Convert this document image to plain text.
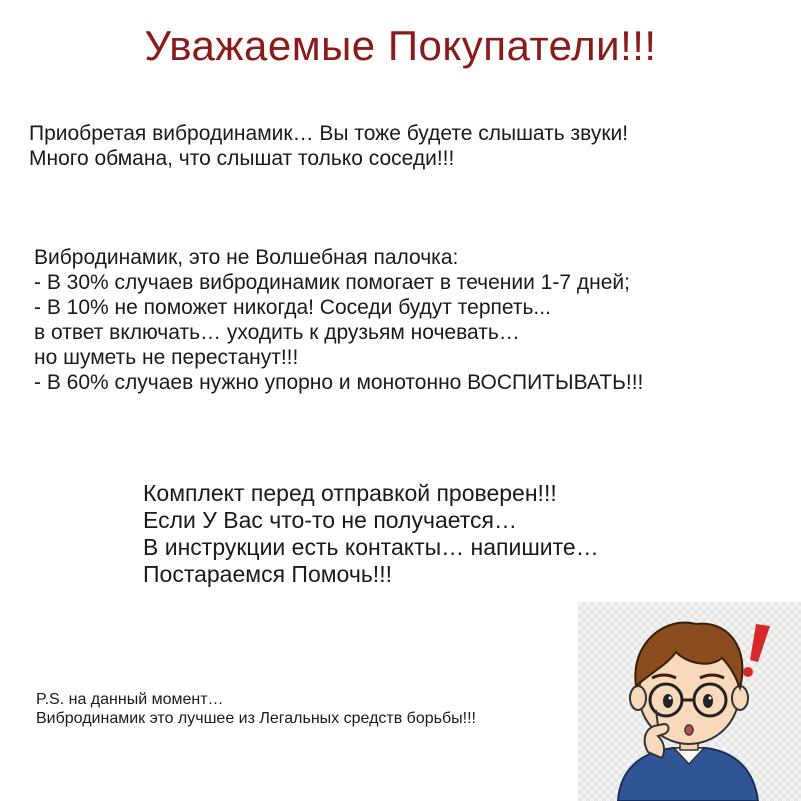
Уважаемые Покупатели!!!
Приобретая вибродинамик… Вы тоже будете слышать звуки!
Много обмана, что слышат только соседи!!!
Вибродинамик, это не Волшебная палочка:
- В 30% случаев вибродинамик помогает в течении 1-7 дней;
- В 10% не поможет никогда! Соседи будут терпеть...
в ответ включать… уходить к друзьям ночевать…
но шуметь не перестанут!!!
- В 60% случаев нужно упорно и монотонно ВОСПИТЫВАТЬ!!!
Комплект перед отправкой проверен!!!
Если У Вас что-то не получается…
В инструкции есть контакты… напишите…
Постараемся Помочь!!!
P.S. на данный момент…
Вибродинамик это лучшее из Легальных средств борьбы!!!
